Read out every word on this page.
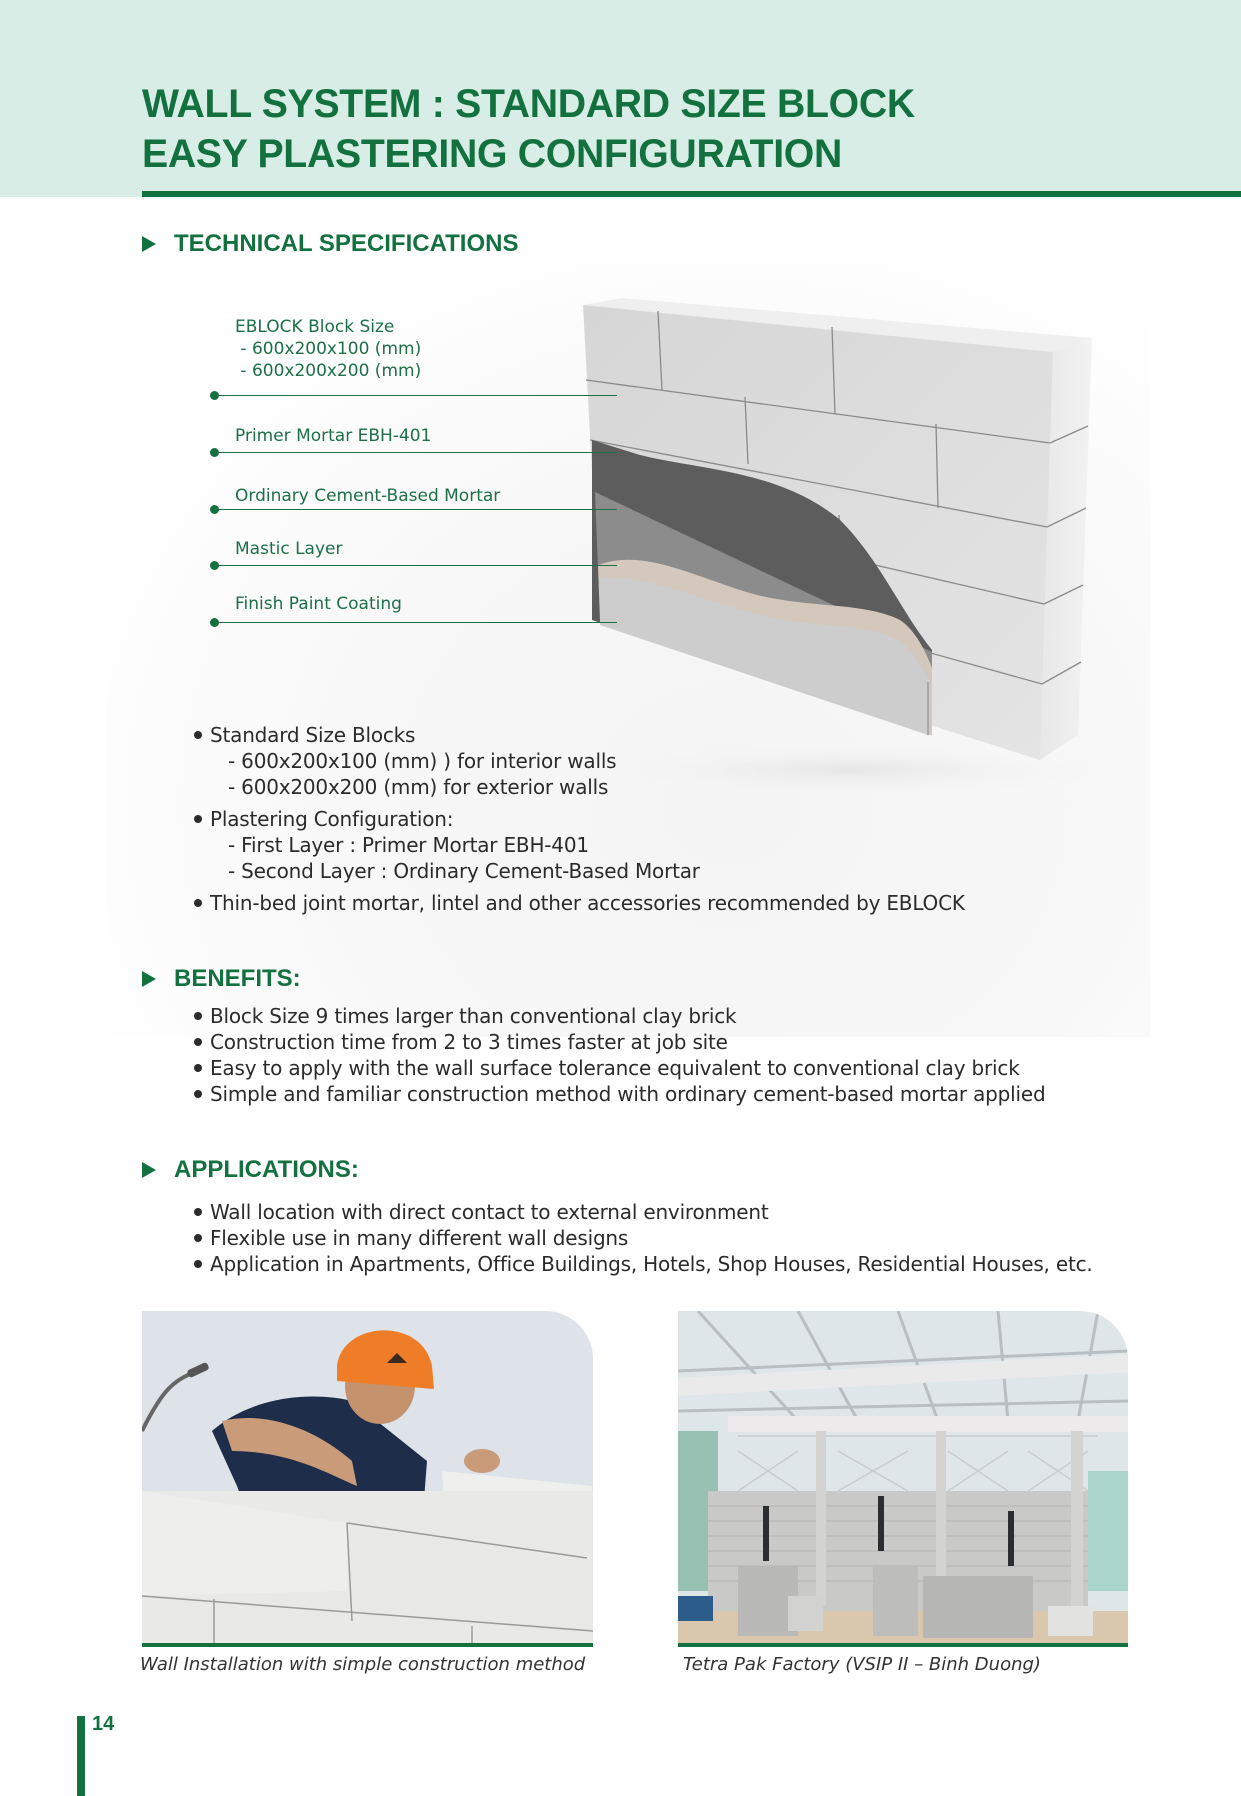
WALL SYSTEM : STANDARD SIZE BLOCK
EASY PLASTERING CONFIGURATION
TECHNICAL SPECIFICATIONS
EBLOCK Block Size
- 600x200x100 (mm)
- 600x200x200 (mm)
Primer Mortar EBH-401
Ordinary Cement-Based Mortar
Mastic Layer
Finish Paint Coating
Standard Size Blocks
- 600x200x100 (mm) ) for interior walls
- 600x200x200 (mm) for exterior walls
Plastering Configuration:
- First Layer : Primer Mortar EBH-401
- Second Layer : Ordinary Cement-Based Mortar
Thin-bed joint mortar, lintel and other accessories recommended by EBLOCK
BENEFITS:
Block Size 9 times larger than conventional clay brick
Construction time from 2 to 3 times faster at job site
Easy to apply with the wall surface tolerance equivalent to conventional clay brick
Simple and familiar construction method with ordinary cement-based mortar applied
APPLICATIONS:
Wall location with direct contact to external environment
Flexible use in many different wall designs
Application in Apartments, Office Buildings, Hotels, Shop Houses, Residential Houses, etc.
Wall Installation with simple construction method	Tetra Pak Factory (VSIP II – Binh Duong)
14
